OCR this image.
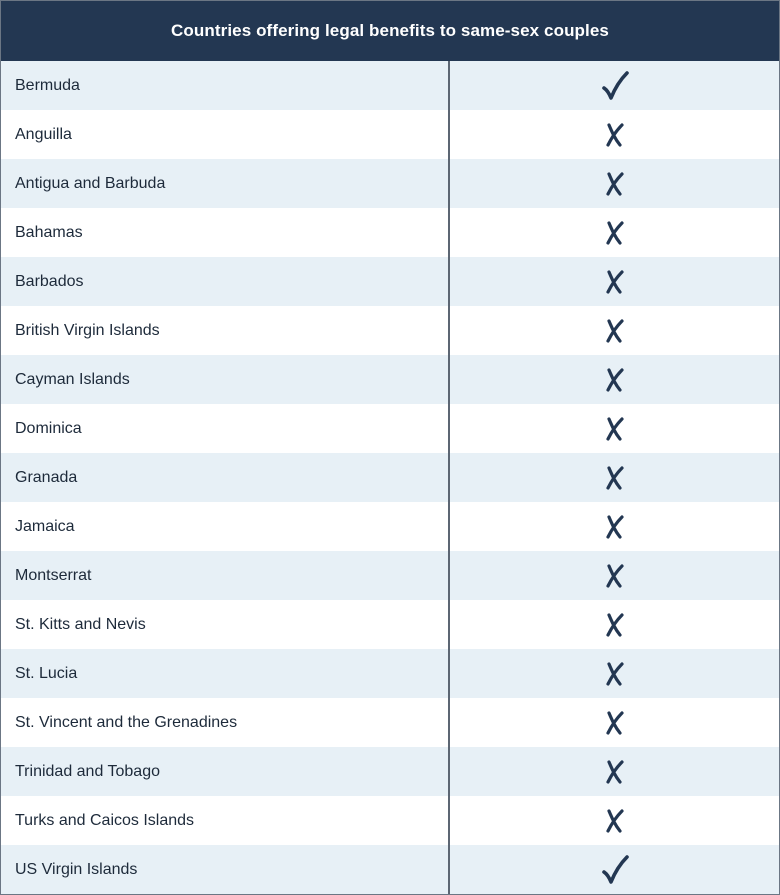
Countries offering legal benefits to same-sex couples
Bermuda
Anguilla
Antigua and Barbuda
Bahamas
Barbados
British Virgin Islands
Cayman Islands
Dominica
Granada
Jamaica
Montserrat
St. Kitts and Nevis
St. Lucia
St. Vincent and the Grenadines
Trinidad and Tobago
Turks and Caicos Islands
US Virgin Islands
